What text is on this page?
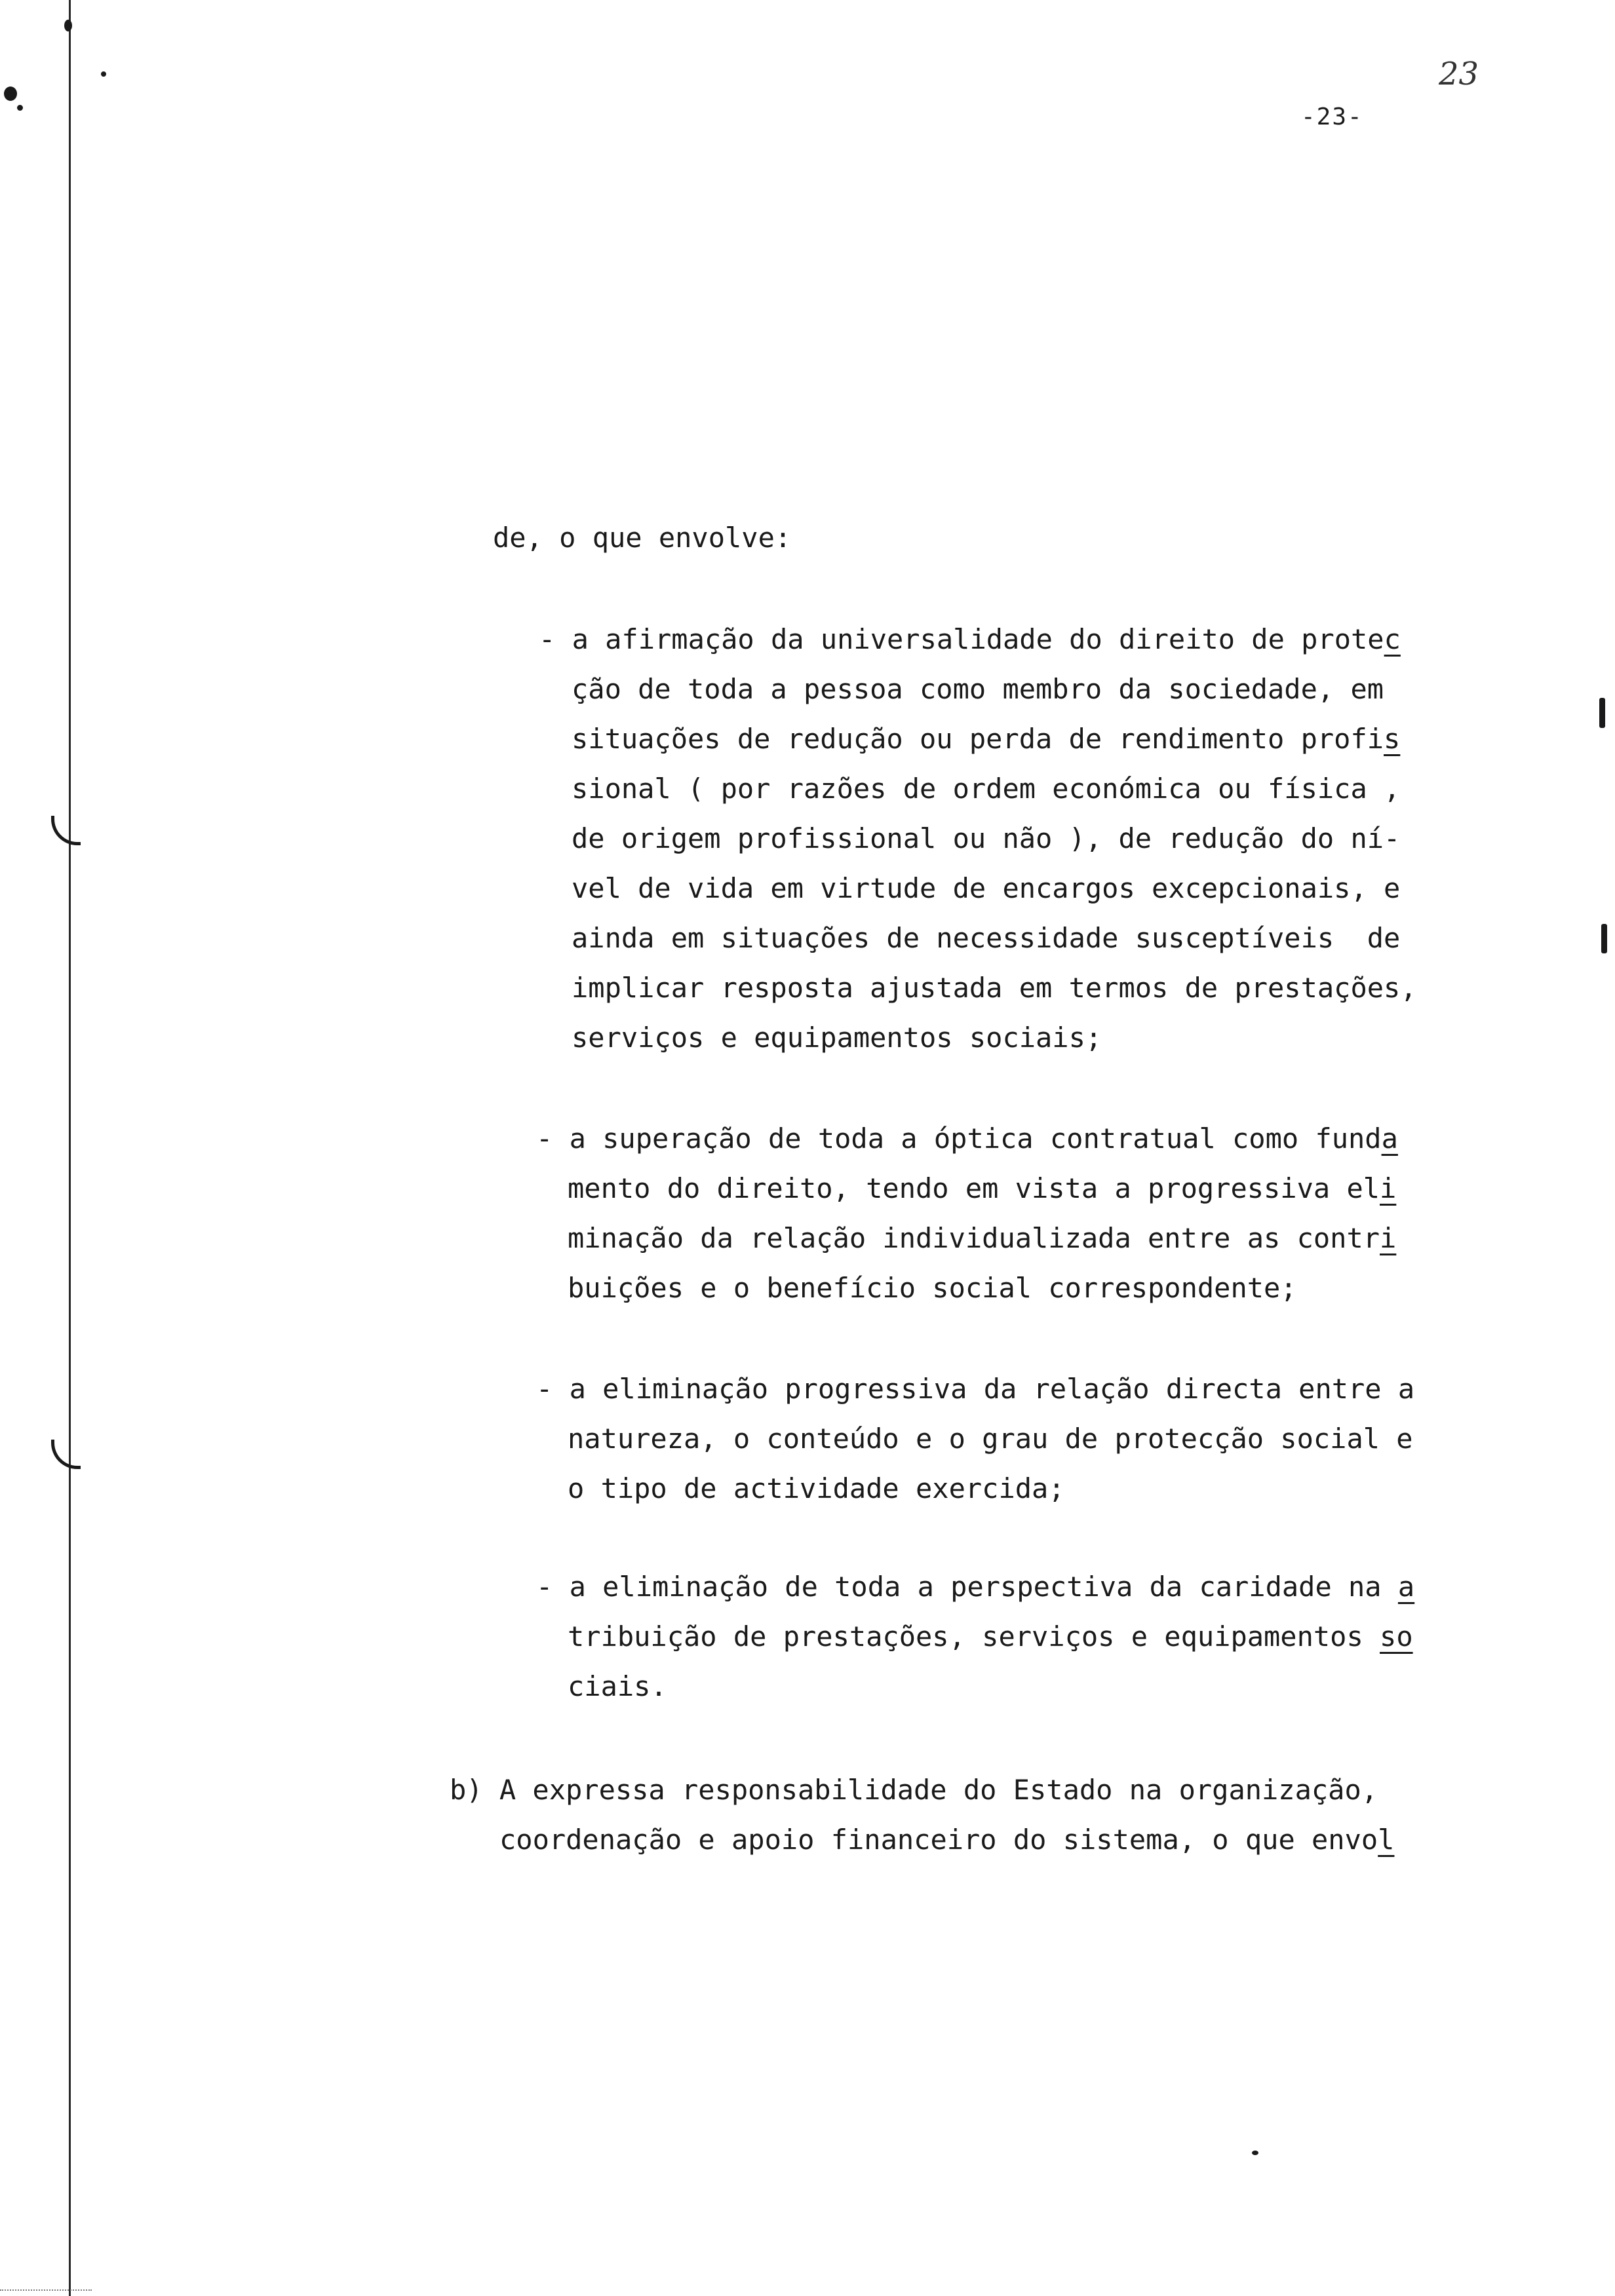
23
-23-
de, o que envolve:
- a afirmação da universalidade do direito de protec
ção de toda a pessoa como membro da sociedade, em
situações de redução ou perda de rendimento profis
sional ( por razões de ordem económica ou física ,
de origem profissional ou não ), de redução do ní-
vel de vida em virtude de encargos excepcionais, e
ainda em situações de necessidade susceptíveis  de
implicar resposta ajustada em termos de prestações,
serviços e equipamentos sociais;
- a superação de toda a óptica contratual como funda
mento do direito, tendo em vista a progressiva eli
minação da relação individualizada entre as contri
buições e o benefício social correspondente;
- a eliminação progressiva da relação directa entre a
natureza, o conteúdo e o grau de protecção social e
o tipo de actividade exercida;
- a eliminação de toda a perspectiva da caridade na a
tribuição de prestações, serviços e equipamentos so
ciais.
b) A expressa responsabilidade do Estado na organização,
coordenação e apoio financeiro do sistema, o que envol
